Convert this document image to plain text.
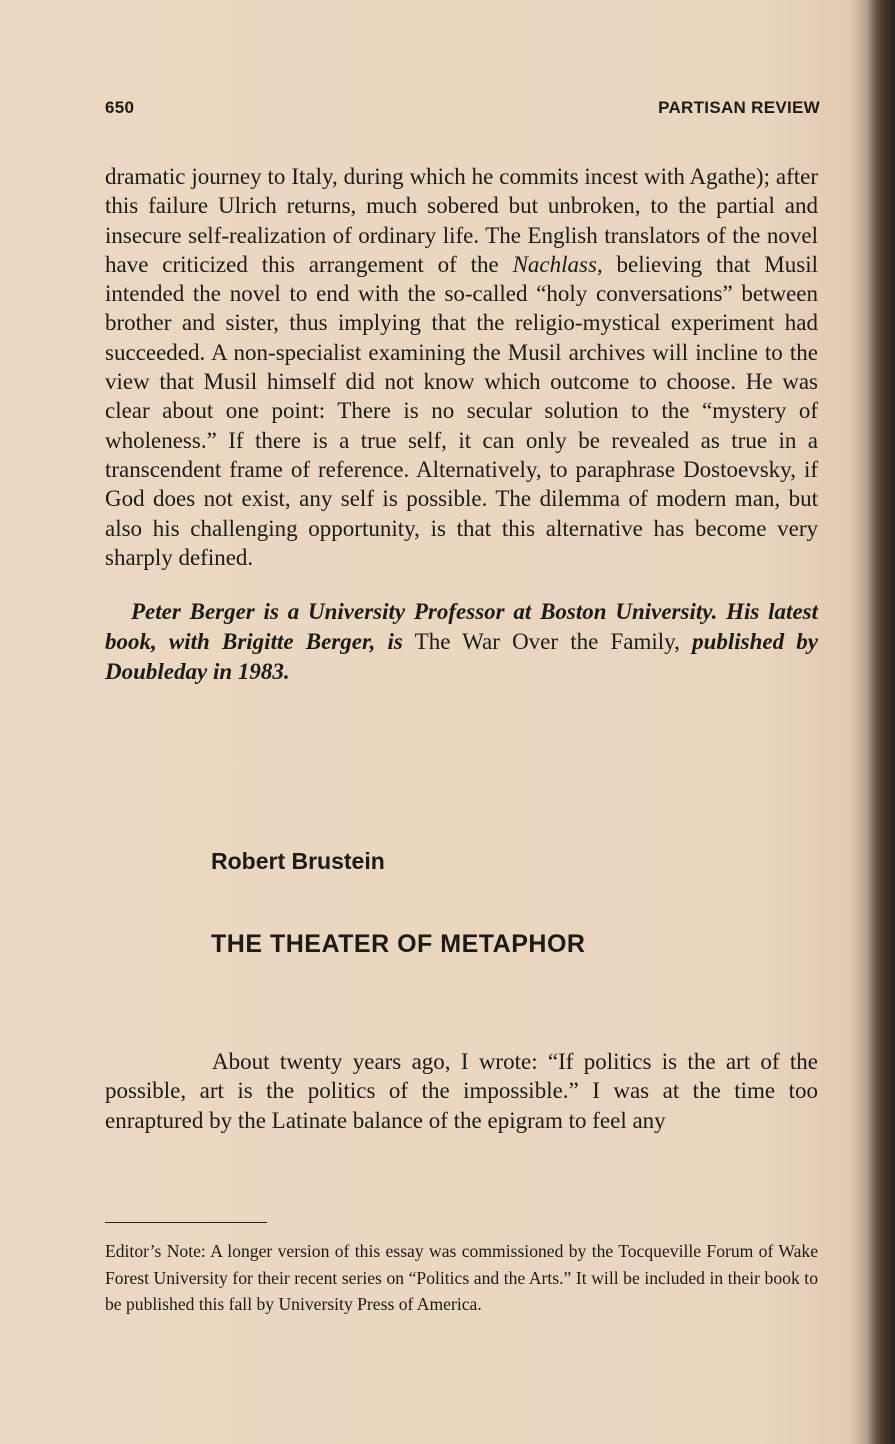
650	PARTISAN REVIEW

dramatic journey to Italy, during which he commits incest with Agathe); after this failure Ulrich returns, much sobered but unbroken, to the partial and insecure self-realization of ordinary life. The English translators of the novel have criticized this arrangement of the Nachlass, believing that Musil intended the novel to end with the so-called “holy conversations” between brother and sister, thus implying that the religio-mystical experiment had succeeded. A non-specialist examining the Musil archives will incline to the view that Musil himself did not know which outcome to choose. He was clear about one point: There is no secular solution to the “mystery of wholeness.” If there is a true self, it can only be revealed as true in a transcendent frame of reference. Alternatively, to paraphrase Dostoevsky, if God does not exist, any self is possible. The dilemma of modern man, but also his challenging opportunity, is that this alternative has become very sharply defined.

Peter Berger is a University Professor at Boston University. His latest book, with Brigitte Berger, is The War Over the Family, published by Doubleday in 1983.

Robert Brustein

THE THEATER OF METAPHOR

About twenty years ago, I wrote: “If politics is the art of the possible, art is the politics of the impossible.” I was at the time too enraptured by the Latinate balance of the epigram to feel any

Editor’s Note: A longer version of this essay was commissioned by the Tocqueville Forum of Wake Forest University for their recent series on “Politics and the Arts.” It will be included in their book to be published this fall by University Press of America.
